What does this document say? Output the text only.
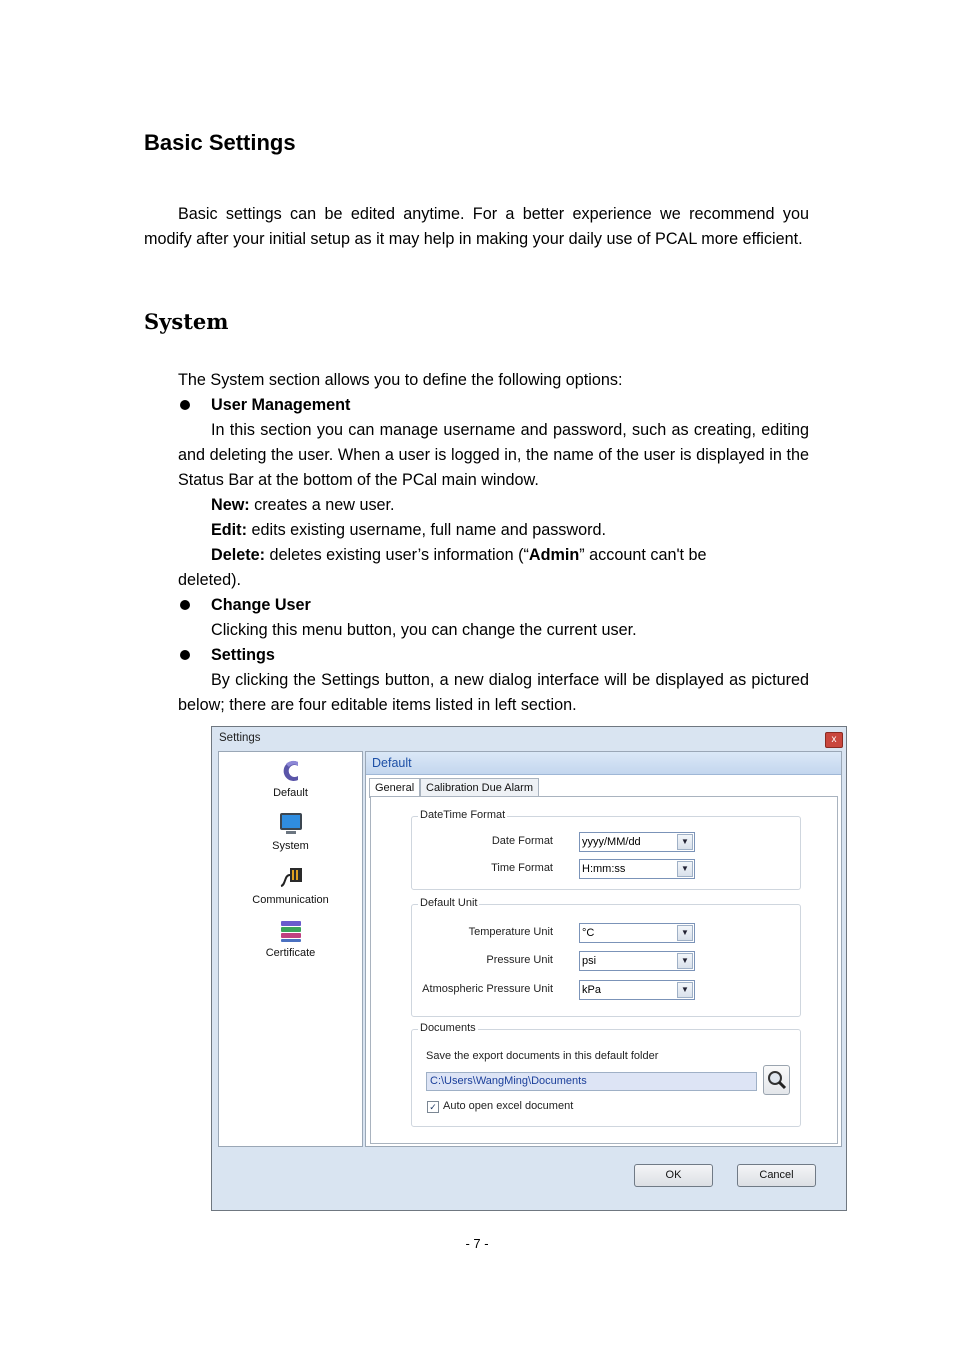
Basic Settings
Basic settings can be edited anytime. For a better experience we recommend you modify after your initial setup as it may help in making your daily use of PCAL more efficient.
System
The System section allows you to define the following options:
User Management
In this section you can manage username and password, such as creating, editing and deleting the user. When a user is logged in, the name of the user is displayed in the Status Bar at the bottom of the PCal main window.
New: creates a new user.
Edit: edits existing username, full name and password.
Delete: deletes existing user’s information (“Admin” account can't be
deleted).
Change User
Clicking this menu button, you can change the current user.
Settings
By clicking the Settings button, a new dialog interface will be displayed as pictured below; there are four editable items listed in left section.
Settings	x
Default
System
Communication
Certificate
Default
General	Calibration Due Alarm
DateTime Format
Date Format	yyyy/MM/dd	▼
Time Format	H:mm:ss	▼
Default Unit
Temperature Unit	°C	▼
Pressure Unit	psi	▼
Atmospheric Pressure Unit	kPa	▼
Documents
Save the export documents in this default folder
C:\Users\WangMing\Documents
✓ Auto open excel document
OK	Cancel
- 7 -
